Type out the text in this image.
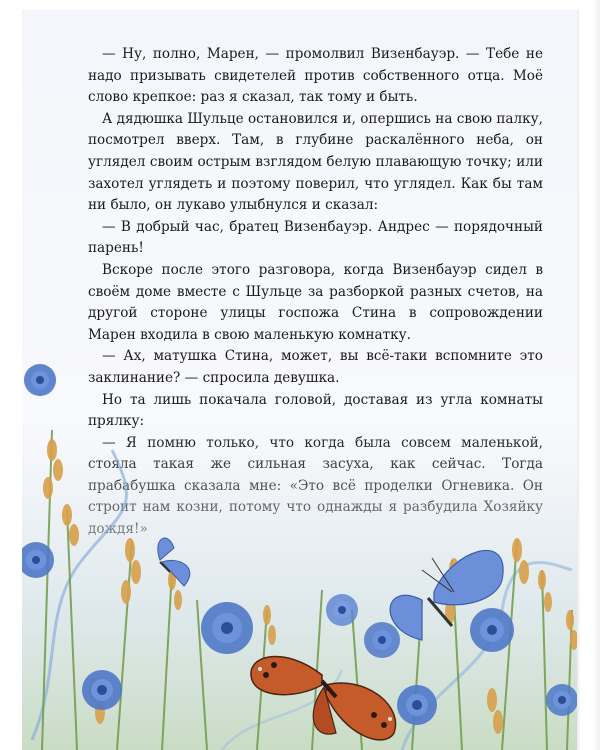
— Ну, полно, Марен, — промолвил Визенбауэр. — Тебе не надо призывать свидетелей против собственного отца. Моё слово крепкое: раз я сказал, так тому и быть.

А дядюшка Шульце остановился и, опершись на свою палку, посмотрел вверх. Там, в глубине раскалённого неба, он углядел своим острым взглядом белую плавающую точку; или захотел углядеть и поэтому поверил, что углядел. Как бы там ни было, он лукаво улыбнулся и сказал:

— В добрый час, братец Визенбауэр. Андрес — порядочный парень!

Вскоре после этого разговора, когда Визенбауэр сидел в своём доме вместе с Шульце за разборкой разных счетов, на другой стороне улицы госпожа Стина в сопровождении Марен входила в свою маленькую комнатку.

— Ах, матушка Стина, может, вы всё-таки вспомните это заклинание? — спросила девушка.

Но та лишь покачала головой, доставая из угла комнаты прялку:
